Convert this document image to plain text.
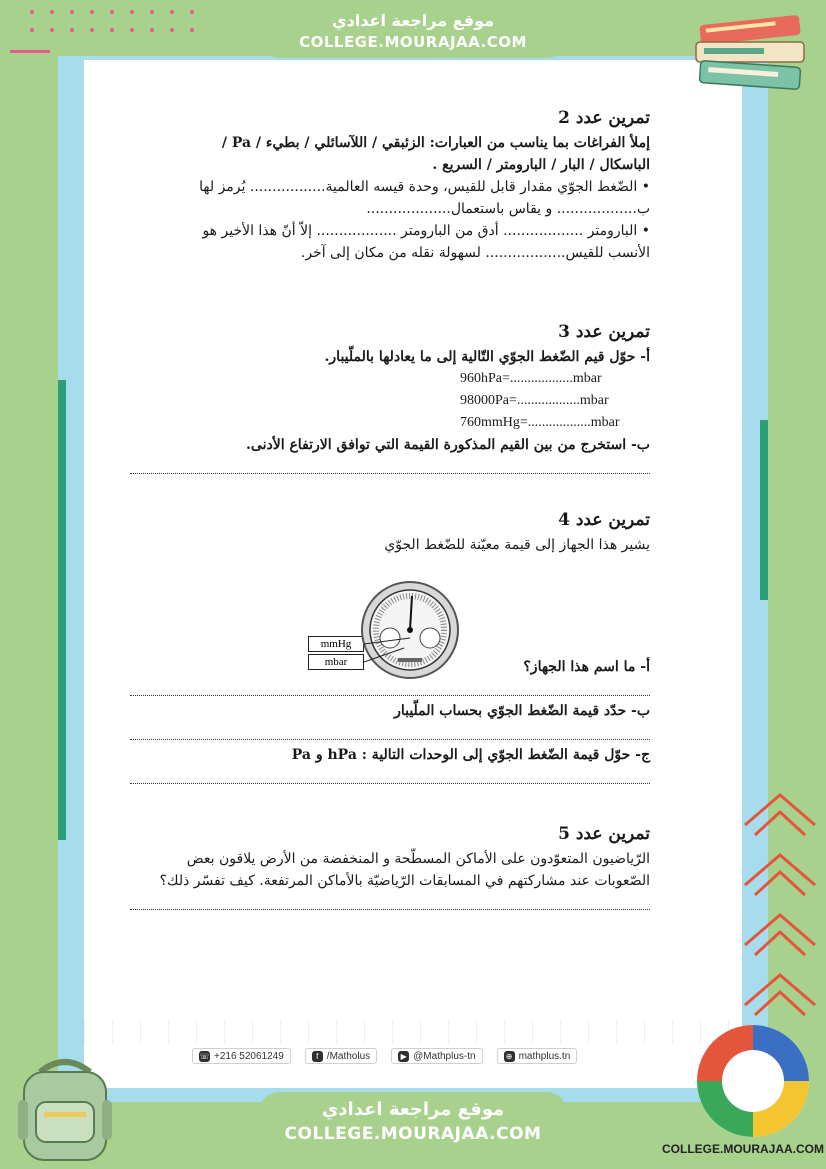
موقع مراجعة اعدادي
COLLEGE.MOURAJAA.COM
تمرين عدد 2
إملأ الفراغات بما يناسب من العبارات: الزئبقي / اللآسائلي / بطيء / Pa /
الباسكال / البار / البارومتر / السريع .
• الضّغط الجوّي مقدار قابل للقيس، وحدة قيسه العالمية................. يُرمز لها
ب.................. و يقاس باستعمال...................
• البارومتر .................. أدق من البارومتر .................. إلاّ أنّ هذا الأخير هو
الأنسب للقيس.................. لسهولة نقله من مكان إلى آخر.
تمرين عدد 3
أ- حوّل قيم الضّغط الجوّي التّالية إلى ما يعادلها بالملّيبار.
960hPa=..................mbar
98000Pa=..................mbar
760mmHg=..................mbar
ب- استخرج من بين القيم المذكورة القيمة التي توافق الارتفاع الأدنى.
تمرين عدد 4
يشير هذا الجهاز إلى قيمة معيّنة للضّغط الجوّي
أ- ما اسم هذا الجهاز؟
ب- حدّد قيمة الضّغط الجوّي بحساب الملّيبار
ج- حوّل قيمة الضّغط الجوّي إلى الوحدات التالية : hPa و Pa
تمرين عدد 5
الرّياضيون المتعوّدون على الأماكن المسطّحة و المنخفضة من الأرض يلاقون بعض
الصّعوبات عند مشاركتهم في المسابقات الرّياضيّة بالأماكن المرتفعة. كيف تفسّر ذلك؟
mmHg
mbar
☏ +216 52061249	f /Matholus	▶ @Mathplus-tn	⊕ mathplus.tn
موقع مراجعة اعدادي
COLLEGE.MOURAJAA.COM
COLLEGE.MOURAJAA.COM
